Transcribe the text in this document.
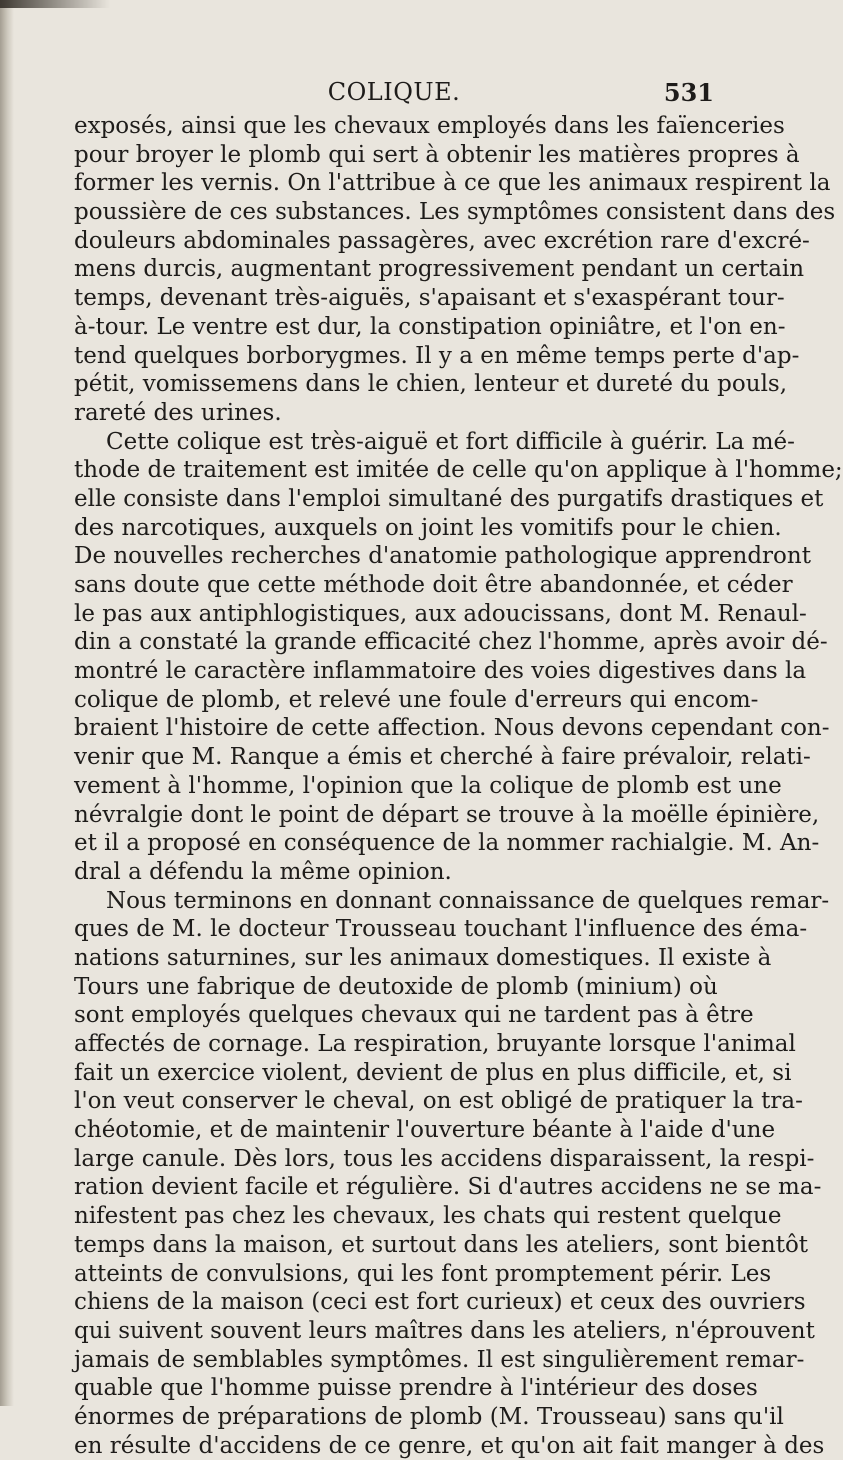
COLIQUE.	531
exposés, ainsi que les chevaux employés dans les faïenceries
pour broyer le plomb qui sert à obtenir les matières propres à
former les vernis. On l'attribue à ce que les animaux respirent la
poussière de ces substances. Les symptômes consistent dans des
douleurs abdominales passagères, avec excrétion rare d'excré-
mens durcis, augmentant progressivement pendant un certain
temps, devenant très-aiguës, s'apaisant et s'exaspérant tour-
à-tour. Le ventre est dur, la constipation opiniâtre, et l'on en-
tend quelques borborygmes. Il y a en même temps perte d'ap-
pétit, vomissemens dans le chien, lenteur et dureté du pouls,
rareté des urines.
Cette colique est très-aiguë et fort difficile à guérir. La mé-
thode de traitement est imitée de celle qu'on applique à l'homme;
elle consiste dans l'emploi simultané des purgatifs drastiques et
des narcotiques, auxquels on joint les vomitifs pour le chien.
De nouvelles recherches d'anatomie pathologique apprendront
sans doute que cette méthode doit être abandonnée, et céder
le pas aux antiphlogistiques, aux adoucissans, dont M. Renaul-
din a constaté la grande efficacité chez l'homme, après avoir dé-
montré le caractère inflammatoire des voies digestives dans la
colique de plomb, et relevé une foule d'erreurs qui encom-
braient l'histoire de cette affection. Nous devons cependant con-
venir que M. Ranque a émis et cherché à faire prévaloir, relati-
vement à l'homme, l'opinion que la colique de plomb est une
névralgie dont le point de départ se trouve à la moëlle épinière,
et il a proposé en conséquence de la nommer rachialgie. M. An-
dral a défendu la même opinion.
Nous terminons en donnant connaissance de quelques remar-
ques de M. le docteur Trousseau touchant l'influence des éma-
nations saturnines, sur les animaux domestiques. Il existe à
Tours une fabrique de deutoxide de plomb (minium) où
sont employés quelques chevaux qui ne tardent pas à être
affectés de cornage. La respiration, bruyante lorsque l'animal
fait un exercice violent, devient de plus en plus difficile, et, si
l'on veut conserver le cheval, on est obligé de pratiquer la tra-
chéotomie, et de maintenir l'ouverture béante à l'aide d'une
large canule. Dès lors, tous les accidens disparaissent, la respi-
ration devient facile et régulière. Si d'autres accidens ne se ma-
nifestent pas chez les chevaux, les chats qui restent quelque
temps dans la maison, et surtout dans les ateliers, sont bientôt
atteints de convulsions, qui les font promptement périr. Les
chiens de la maison (ceci est fort curieux) et ceux des ouvriers
qui suivent souvent leurs maîtres dans les ateliers, n'éprouvent
jamais de semblables symptômes. Il est singulièrement remar-
quable que l'homme puisse prendre à l'intérieur des doses
énormes de préparations de plomb (M. Trousseau) sans qu'il
en résulte d'accidens de ce genre, et qu'on ait fait manger à des
